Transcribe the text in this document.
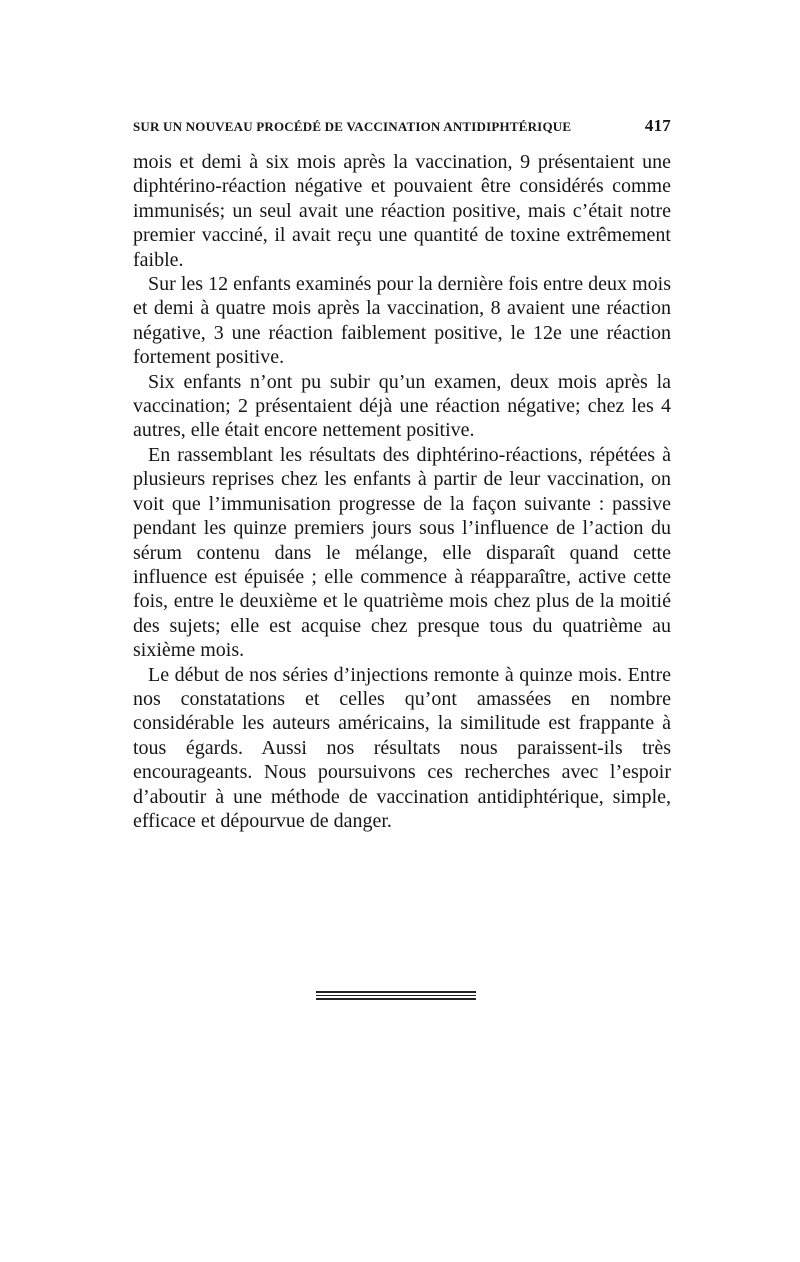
SUR UN NOUVEAU PROCÉDÉ DE VACCINATION ANTIDIPHTÉRIQUE	417

mois et demi à six mois après la vaccination, 9 présentaient une diphtérino-réaction négative et pouvaient être considérés comme immunisés; un seul avait une réaction positive, mais c’était notre premier vacciné, il avait reçu une quantité de toxine extrêmement faible.

Sur les 12 enfants examinés pour la dernière fois entre deux mois et demi à quatre mois après la vaccination, 8 avaient une réaction négative, 3 une réaction faiblement positive, le 12e une réaction fortement positive.

Six enfants n’ont pu subir qu’un examen, deux mois après la vaccination; 2 présentaient déjà une réaction négative; chez les 4 autres, elle était encore nettement positive.

En rassemblant les résultats des diphtérino-réactions, répétées à plusieurs reprises chez les enfants à partir de leur vaccination, on voit que l’immunisation progresse de la façon suivante : passive pendant les quinze premiers jours sous l’influence de l’action du sérum contenu dans le mélange, elle disparaît quand cette influence est épuisée ; elle commence à réapparaître, active cette fois, entre le deuxième et le quatrième mois chez plus de la moitié des sujets; elle est acquise chez presque tous du quatrième au sixième mois.

Le début de nos séries d’injections remonte à quinze mois. Entre nos constatations et celles qu’ont amassées en nombre considérable les auteurs américains, la similitude est frappante à tous égards. Aussi nos résultats nous paraissent-ils très encourageants. Nous poursuivons ces recherches avec l’espoir d’aboutir à une méthode de vaccination antidiphtérique, simple, efficace et dépourvue de danger.
